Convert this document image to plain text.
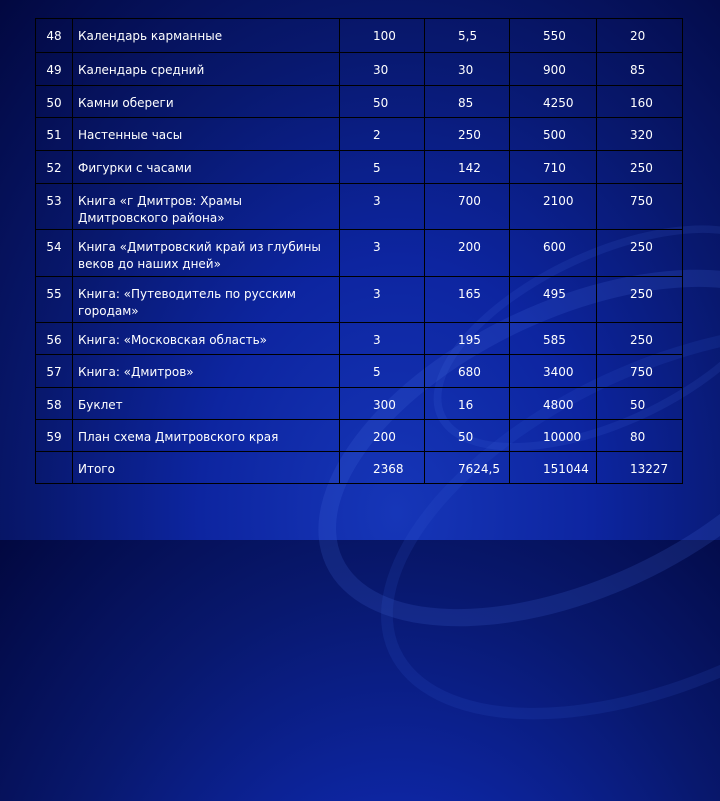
48	Календарь карманные	100	5,5	550	20
49	Календарь средний	30	30	900	85
50	Камни обереги	50	85	4250	160
51	Настенные часы	2	250	500	320
52	Фигурки с часами	5	142	710	250
53	Книга «г Дмитров: Храмы Дмитровского района»	3	700	2100	750
54	Книга «Дмитровский край из глубины веков до наших дней»	3	200	600	250
55	Книга: «Путеводитель по русским городам»	3	165	495	250
56	Книга: «Московская область»	3	195	585	250
57	Книга: «Дмитров»	5	680	3400	750
58	Буклет	300	16	4800	50
59	План схема Дмитровского края	200	50	10000	80
	Итого	2368	7624,5	151044	13227
